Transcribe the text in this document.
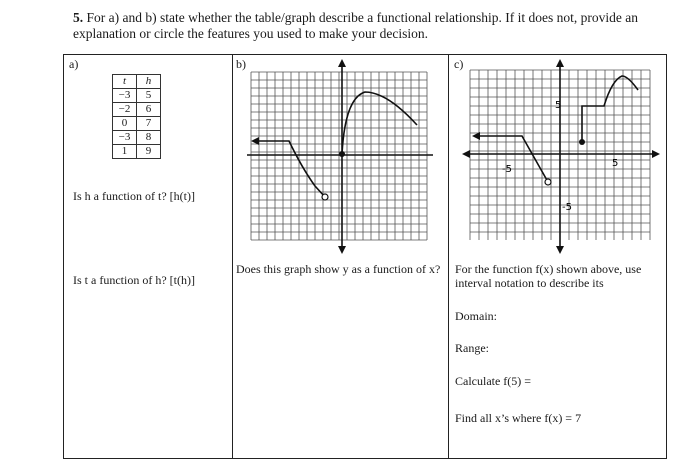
5. For a) and b) state whether the table/graph describe a functional relationship. If it does not, provide an explanation or circle the features you used to make your decision.
a)
t	h
−3	5
−2	6
0	7
−3	8
1	9
Is h a function of t? [h(t)]
Is t a function of h? [t(h)]
b)
Does this graph show y as a function of x?
c)
5
-5
5
-5
For the function f(x) shown above, use interval notation to describe its
Domain:
Range:
Calculate f(5) =
Find all x’s where f(x) = 7
